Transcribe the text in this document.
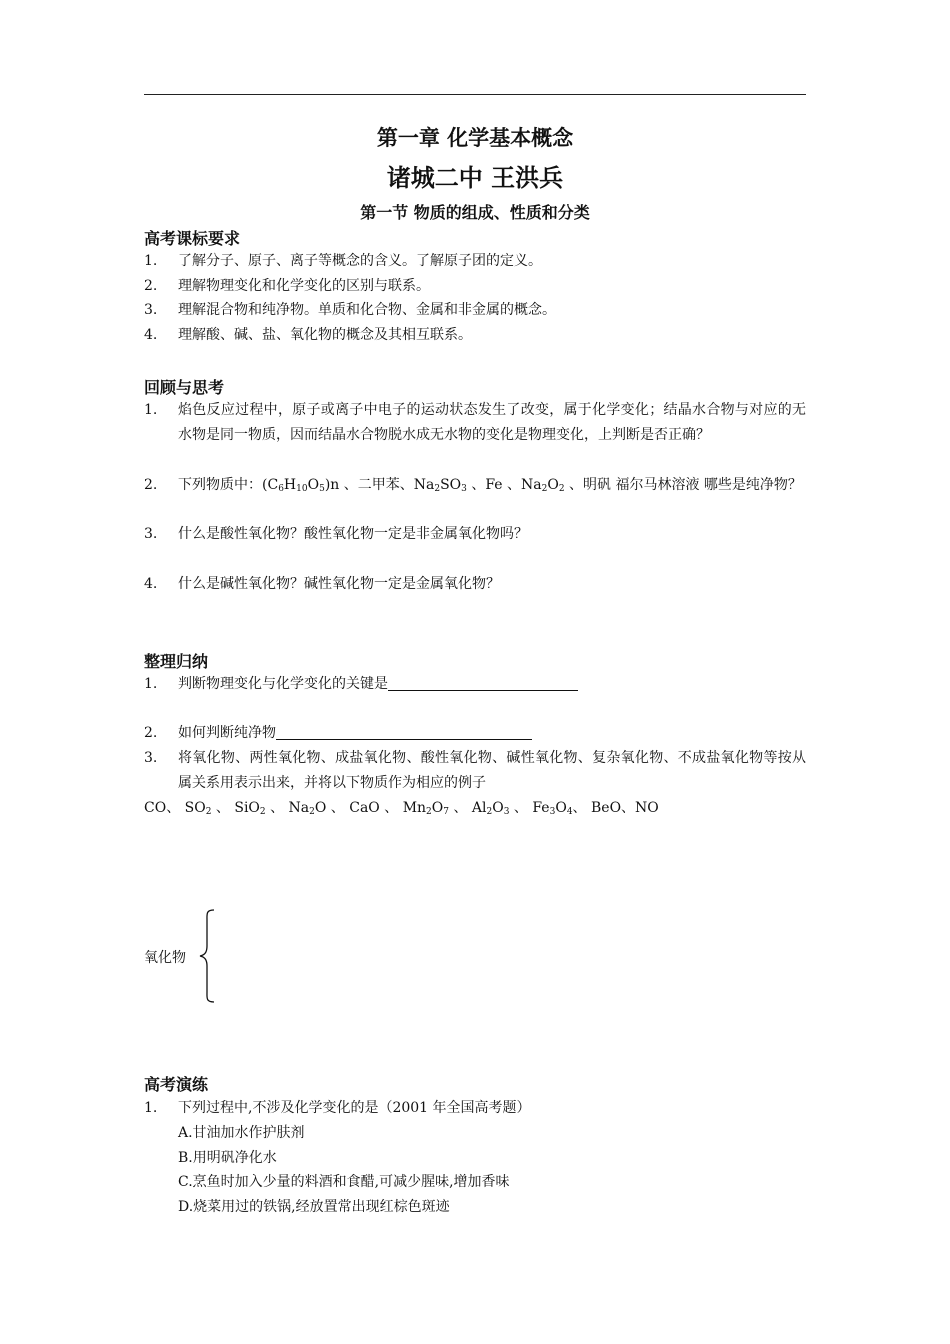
第一章 化学基本概念
诸城二中 王洪兵
第一节 物质的组成、性质和分类
高考课标要求
1.	了解分子、原子、离子等概念的含义。了解原子团的定义。
2.	理解物理变化和化学变化的区别与联系。
3.	理解混合物和纯净物。单质和化合物、金属和非金属的概念。
4.	理解酸、碱、盐、氧化物的概念及其相互联系。
回顾与思考
1.	焰色反应过程中，原子或离子中电子的运动状态发生了改变，属于化学变化；结晶水合物与对应的无水物是同一物质，因而结晶水合物脱水成无水物的变化是物理变化，上判断是否正确？
2.	下列物质中：$(C_6H_{10}O_5)n$ 、二甲苯、$Na_2SO_3$ 、Fe 、$Na_2O_2$ 、明矾 福尔马林溶液 哪些是纯净物？
3.	什么是酸性氧化物？酸性氧化物一定是非金属氧化物吗？
4.	什么是碱性氧化物？碱性氧化物一定是金属氧化物？
整理归纳
1.	判断物理变化与化学变化的关键是
2.	如何判断纯净物
3.	将氧化物、两性氧化物、成盐氧化物、酸性氧化物、碱性氧化物、复杂氧化物、不成盐氧化物等按从属关系用表示出来，并将以下物质作为相应的例子
CO、 $SO_2$ 、 SiO$_2$ 、 $Na_2O$ 、 CaO 、 $Mn_2O_7$ 、 $Al_2O_3$ 、 $Fe_3O_4$、 BeO、NO
氧化物
高考演练
1.	下列过程中,不涉及化学变化的是（2001 年全国高考题）
A.甘油加水作护肤剂
B.用明矾净化水
C.烹鱼时加入少量的料酒和食醋,可减少腥味,增加香味
D.烧菜用过的铁锅,经放置常出现红棕色斑迹
